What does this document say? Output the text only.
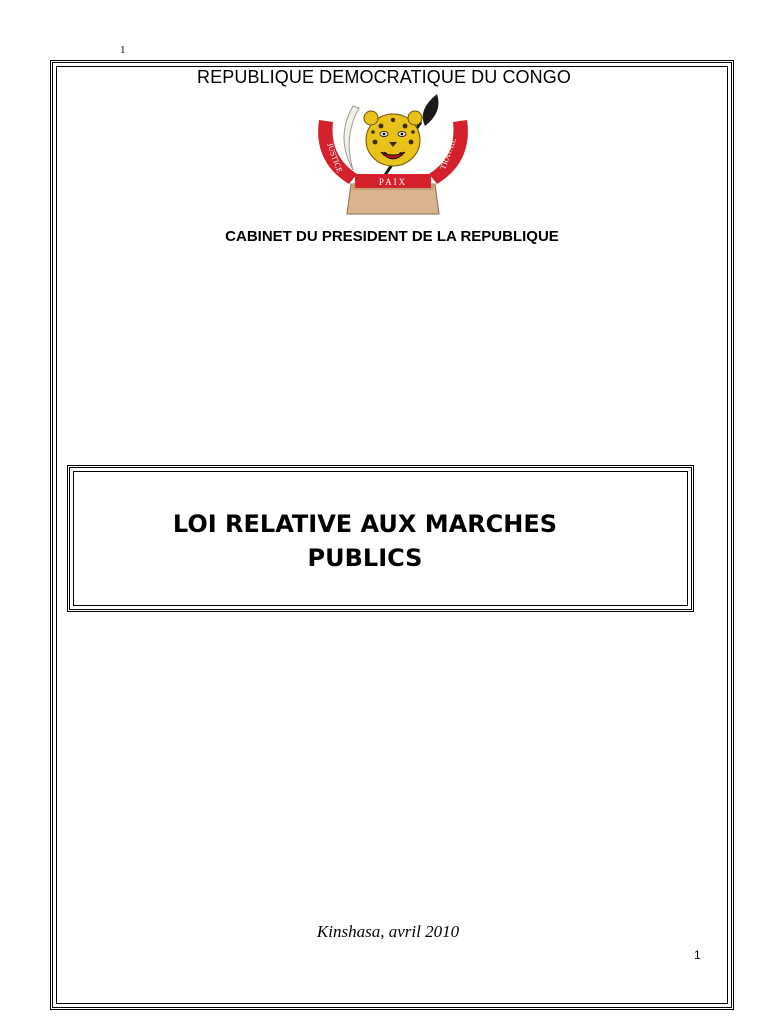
1
REPUBLIQUE DEMOCRATIQUE DU CONGO
JUSTICE
PAIX
TRAVAIL
CABINET DU PRESIDENT DE LA REPUBLIQUE
LOI RELATIVE AUX MARCHES
PUBLICS
Kinshasa, avril 2010
1
